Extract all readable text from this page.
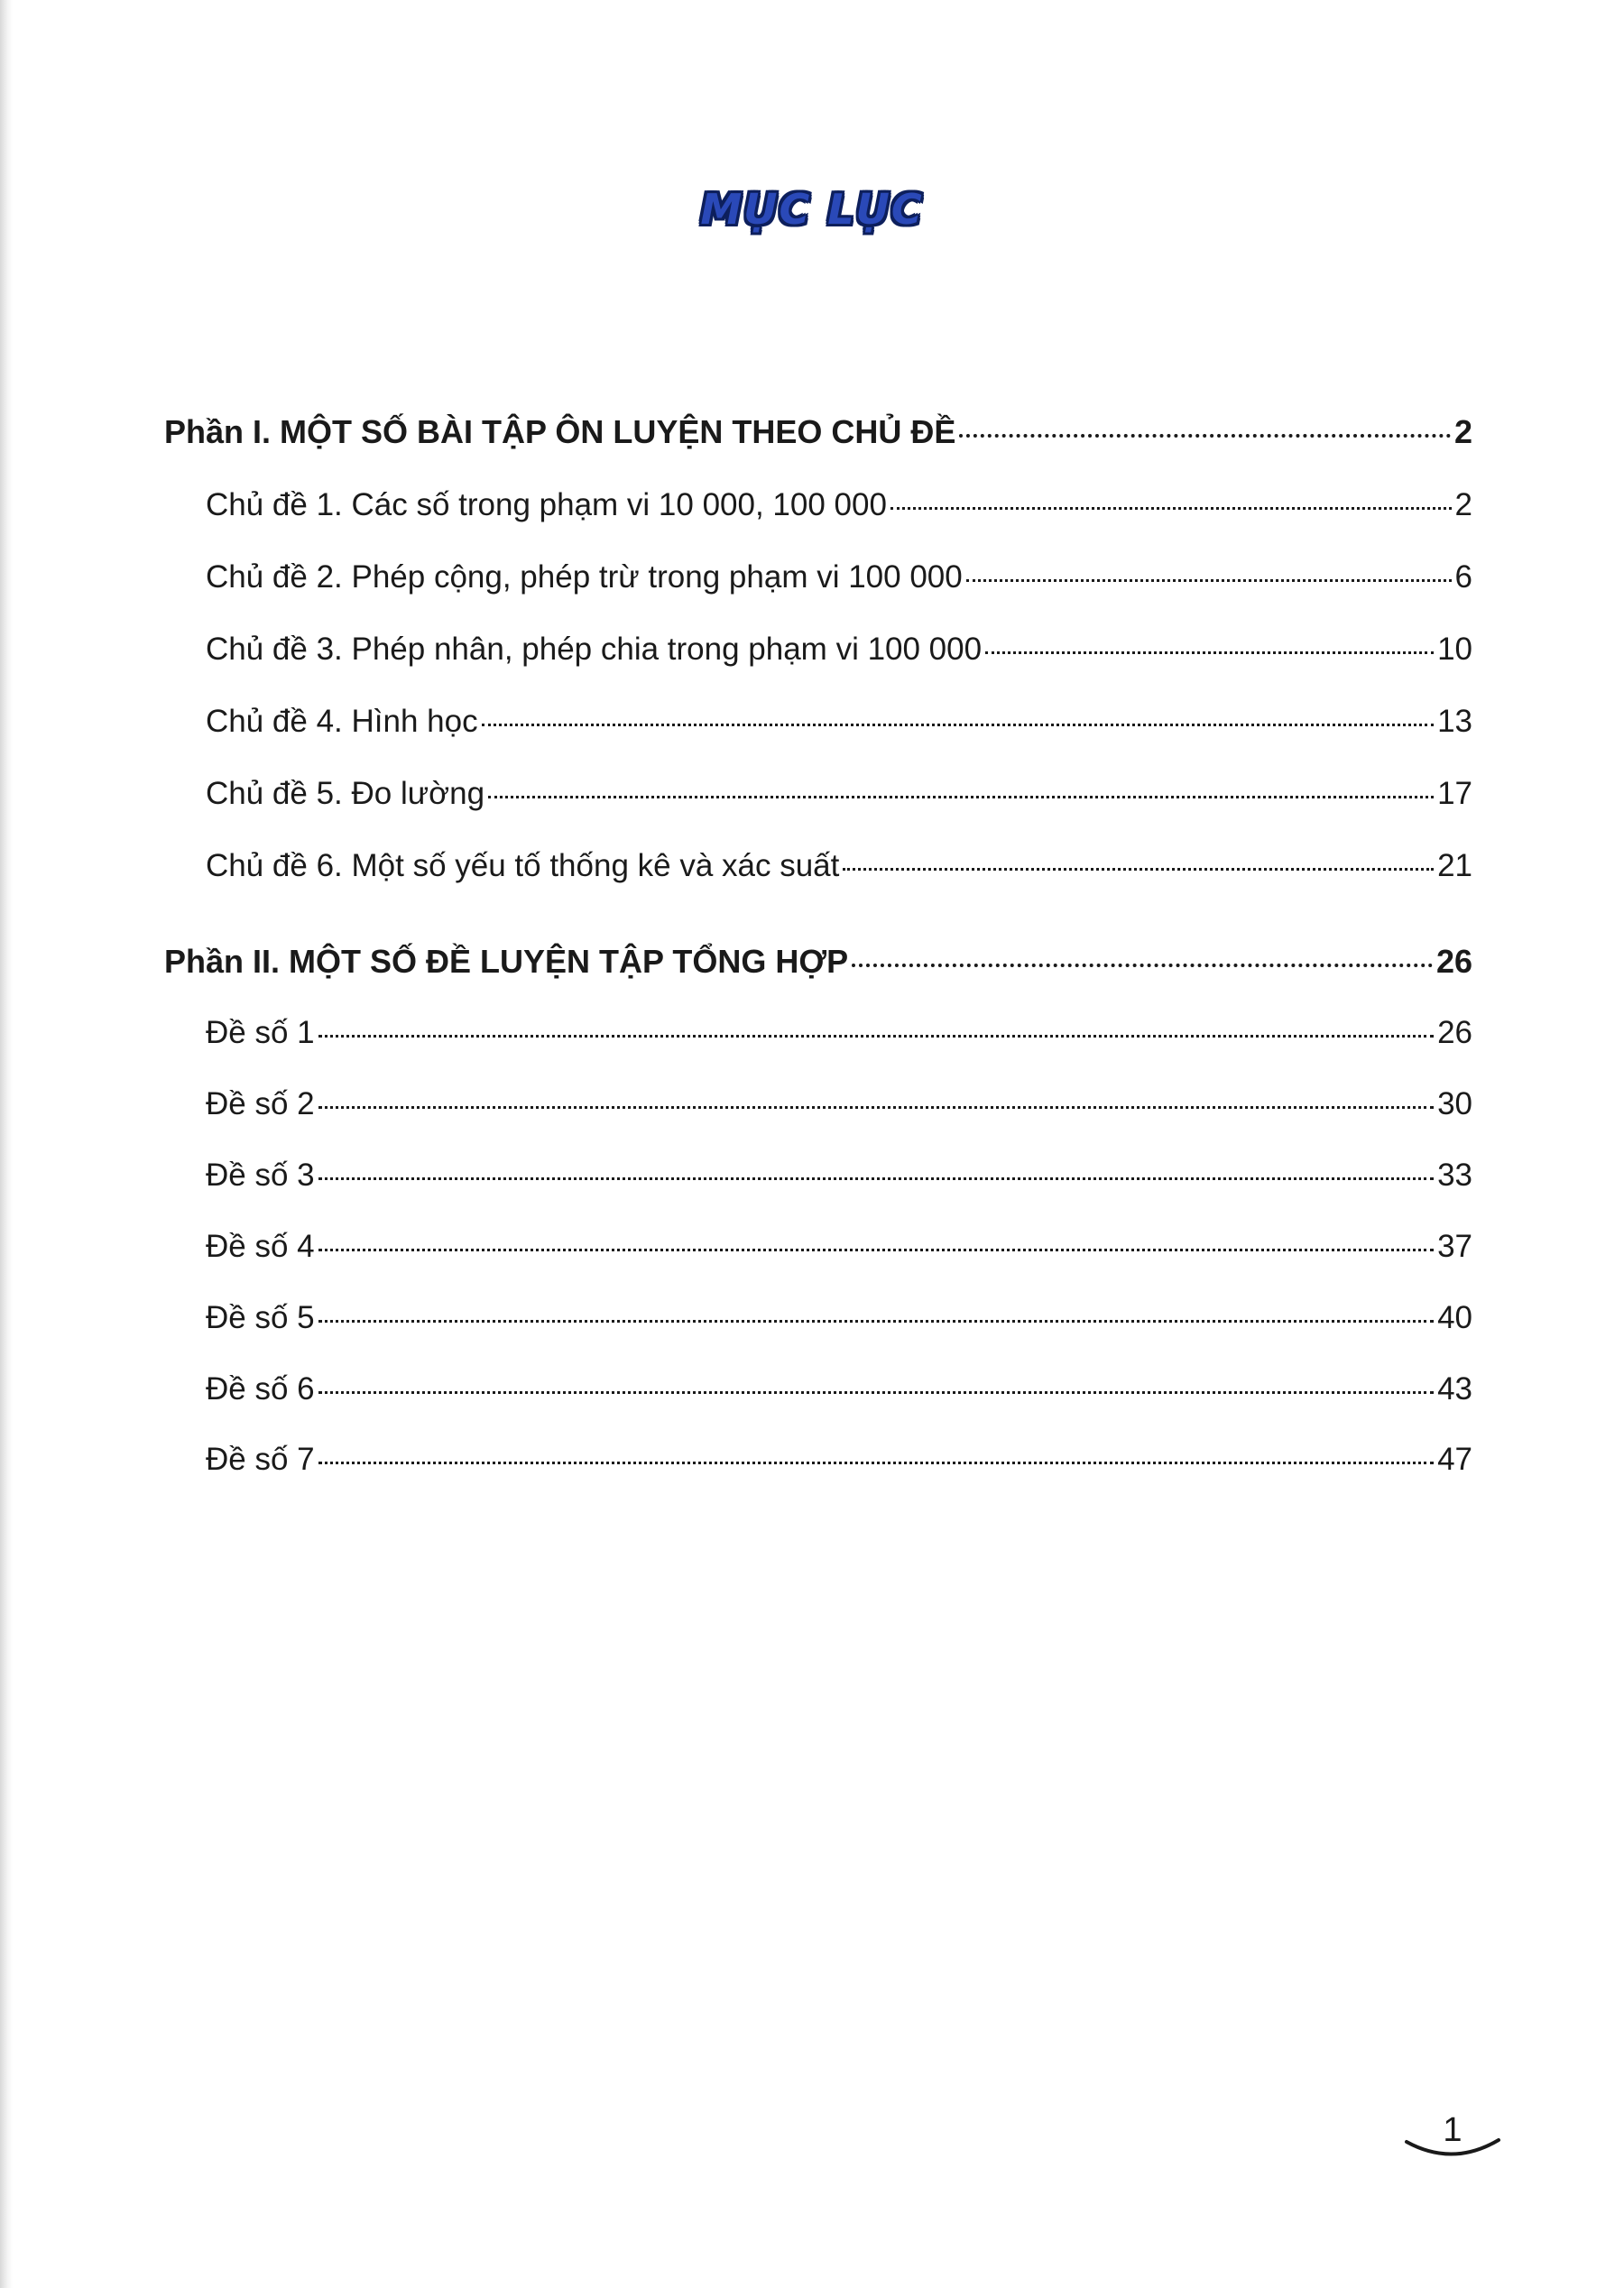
MỤC LỤC
Phần I. MỘT SỐ BÀI TẬP ÔN LUYỆN THEO CHỦ ĐỀ	2
Chủ đề 1. Các số trong phạm vi 10 000, 100 000	2
Chủ đề 2. Phép cộng, phép trừ trong phạm vi 100 000	6
Chủ đề 3. Phép nhân, phép chia trong phạm vi 100 000	10
Chủ đề 4. Hình học	13
Chủ đề 5. Đo lường	17
Chủ đề 6. Một số yếu tố thống kê và xác suất	21
Phần II. MỘT SỐ ĐỀ LUYỆN TẬP TỔNG HỢP	26
Đề số 1	26
Đề số 2	30
Đề số 3	33
Đề số 4	37
Đề số 5	40
Đề số 6	43
Đề số 7	47
1
